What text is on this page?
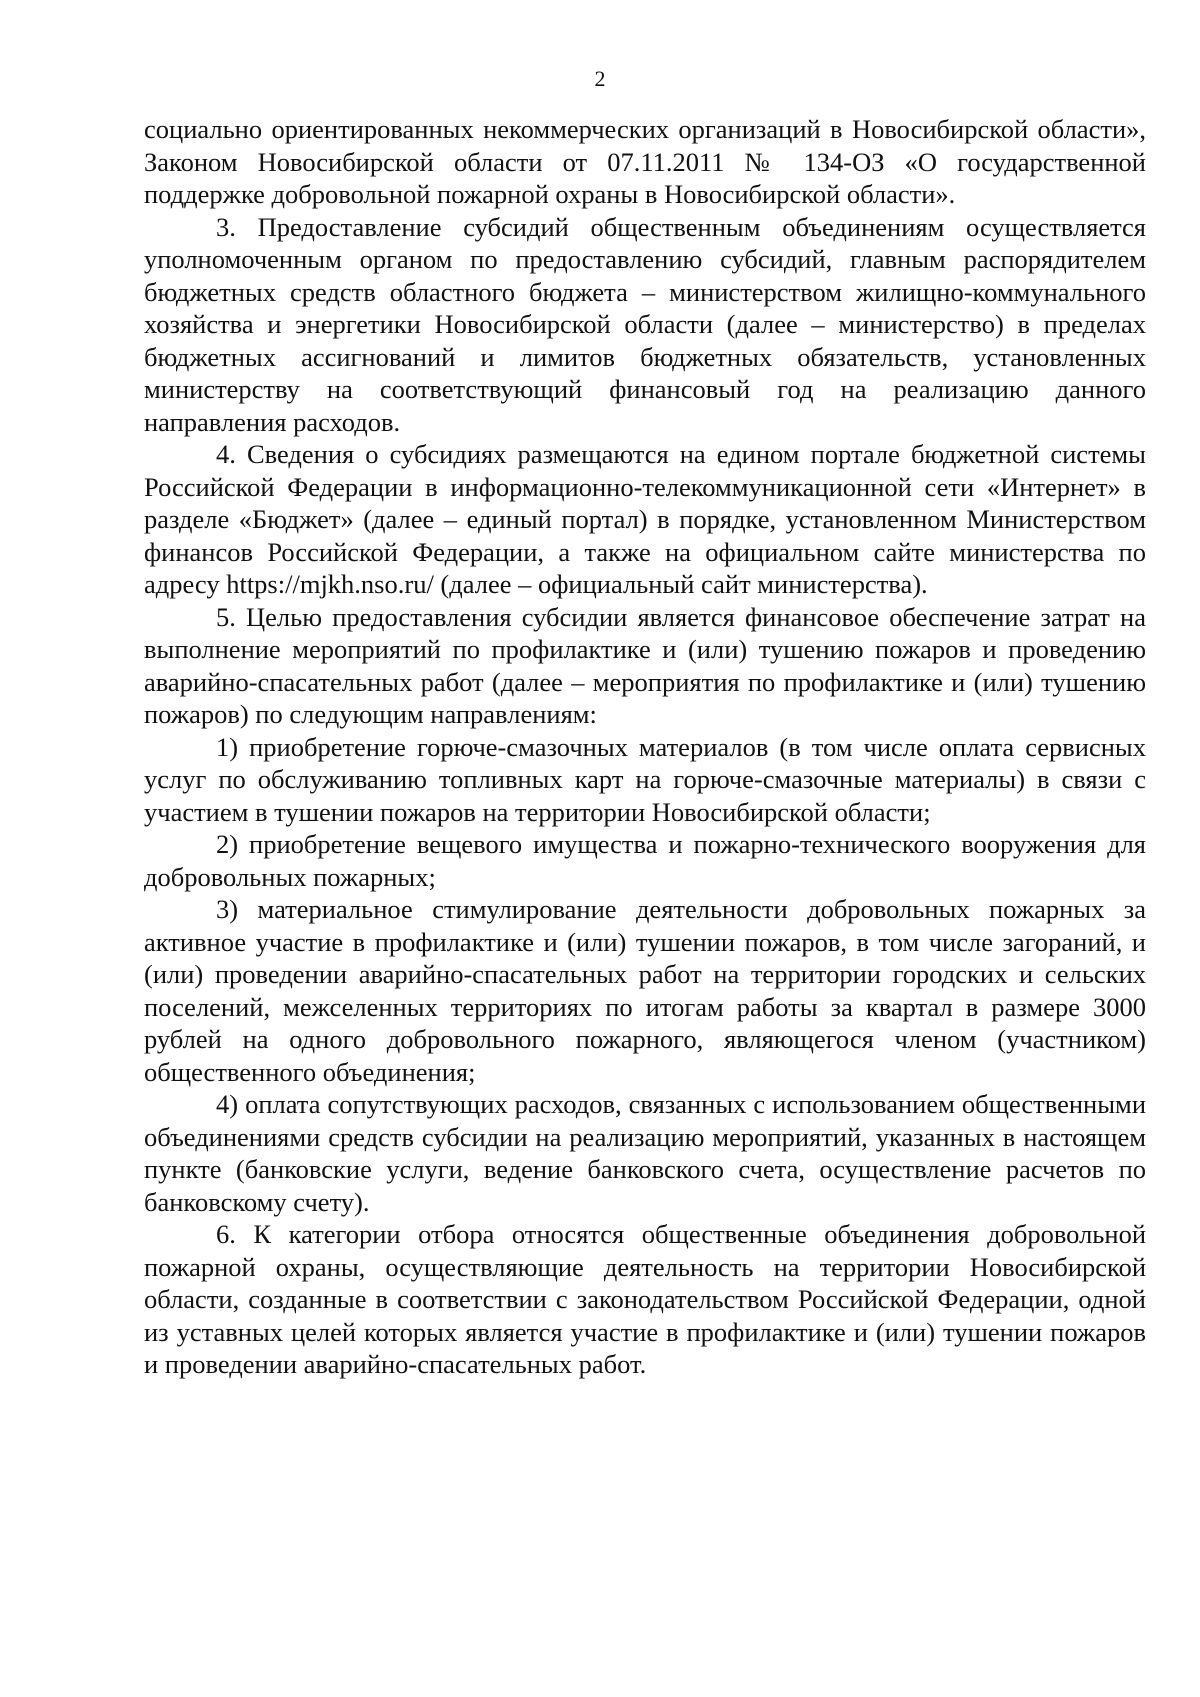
2

социально ориентированных некоммерческих организаций в Новосибирской области», Законом Новосибирской области от 07.11.2011 № 134-ОЗ «О государственной поддержке добровольной пожарной охраны в Новосибирской области».

3. Предоставление субсидий общественным объединениям осуществляется уполномоченным органом по предоставлению субсидий, главным распорядителем бюджетных средств областного бюджета – министерством жилищно-коммунального хозяйства и энергетики Новосибирской области (далее – министерство) в пределах бюджетных ассигнований и лимитов бюджетных обязательств, установленных министерству на соответствующий финансовый год на реализацию данного направления расходов.

4. Сведения о субсидиях размещаются на едином портале бюджетной системы Российской Федерации в информационно-телекоммуникационной сети «Интернет» в разделе «Бюджет» (далее – единый портал) в порядке, установленном Министерством финансов Российской Федерации, а также на официальном сайте министерства по адресу https://mjkh.nso.ru/ (далее – официальный сайт министерства).

5. Целью предоставления субсидии является финансовое обеспечение затрат на выполнение мероприятий по профилактике и (или) тушению пожаров и проведению аварийно-спасательных работ (далее – мероприятия по профилактике и (или) тушению пожаров) по следующим направлениям:

1) приобретение горюче-смазочных материалов (в том числе оплата сервисных услуг по обслуживанию топливных карт на горюче-смазочные материалы) в связи с участием в тушении пожаров на территории Новосибирской области;

2) приобретение вещевого имущества и пожарно-технического вооружения для добровольных пожарных;

3) материальное стимулирование деятельности добровольных пожарных за активное участие в профилактике и (или) тушении пожаров, в том числе загораний, и (или) проведении аварийно-спасательных работ на территории городских и сельских поселений, межселенных территориях по итогам работы за квартал в размере 3000 рублей на одного добровольного пожарного, являющегося членом (участником) общественного объединения;

4) оплата сопутствующих расходов, связанных с использованием общественными объединениями средств субсидии на реализацию мероприятий, указанных в настоящем пункте (банковские услуги, ведение банковского счета, осуществление расчетов по банковскому счету).

6. К категории отбора относятся общественные объединения добровольной пожарной охраны, осуществляющие деятельность на территории Новосибирской области, созданные в соответствии с законодательством Российской Федерации, одной из уставных целей которых является участие в профилактике и (или) тушении пожаров и проведении аварийно-спасательных работ.
